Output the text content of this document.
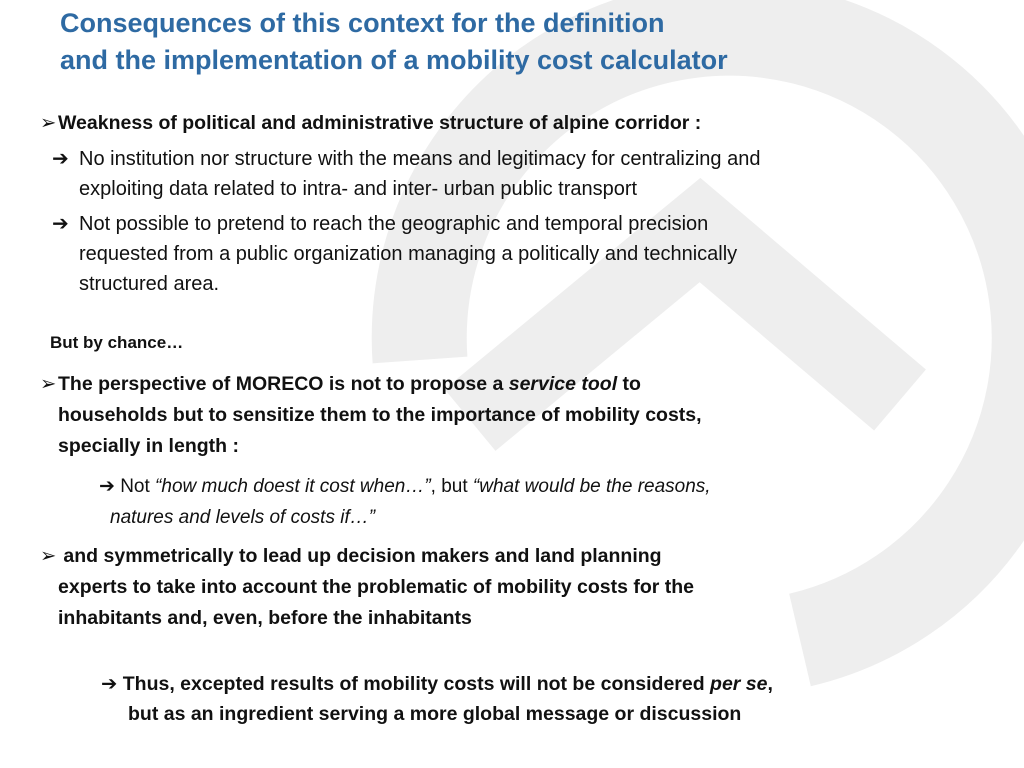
Consequences of this context for the definition
and the implementation of a mobility cost calculator
➢Weakness of political and administrative structure of alpine corridor :
➔ No institution nor structure with the means and legitimacy for centralizing and
exploiting data related to intra- and inter- urban public transport
➔ Not possible to pretend to reach the geographic and temporal precision
requested from a public organization managing a politically and technically
structured area.
But by chance…
➢The perspective of MORECO is not to propose a service tool to
households but to sensitize them to the importance of mobility costs,
specially in length :
➔ Not “how much doest it cost when…”, but “what would be the reasons,
natures and levels of costs if…”
➢ and symmetrically to lead up decision makers and land planning
experts to take into account the problematic of mobility costs for the
inhabitants and, even, before the inhabitants
➔ Thus, excepted results of mobility costs will not be considered per se,
but as an ingredient serving a more global message or discussion
